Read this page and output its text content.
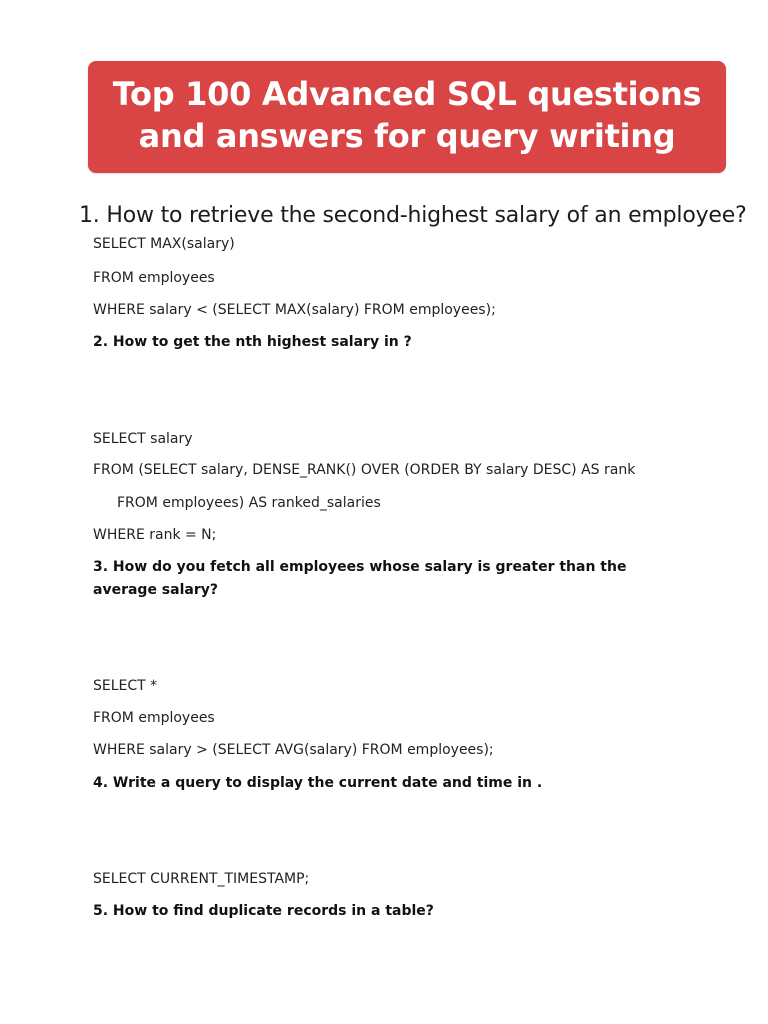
Top 100 Advanced SQL questions
and answers for query writing
1. How to retrieve the second-highest salary of an employee?
SELECT MAX(salary)
FROM employees
WHERE salary < (SELECT MAX(salary) FROM employees);
2. How to get the nth highest salary in ?
SELECT salary
FROM (SELECT salary, DENSE_RANK() OVER (ORDER BY salary DESC) AS rank
FROM employees) AS ranked_salaries
WHERE rank = N;
3. How do you fetch all employees whose salary is greater than the average salary?
SELECT *
FROM employees
WHERE salary > (SELECT AVG(salary) FROM employees);
4. Write a query to display the current date and time in .
SELECT CURRENT_TIMESTAMP;
5. How to find duplicate records in a table?
